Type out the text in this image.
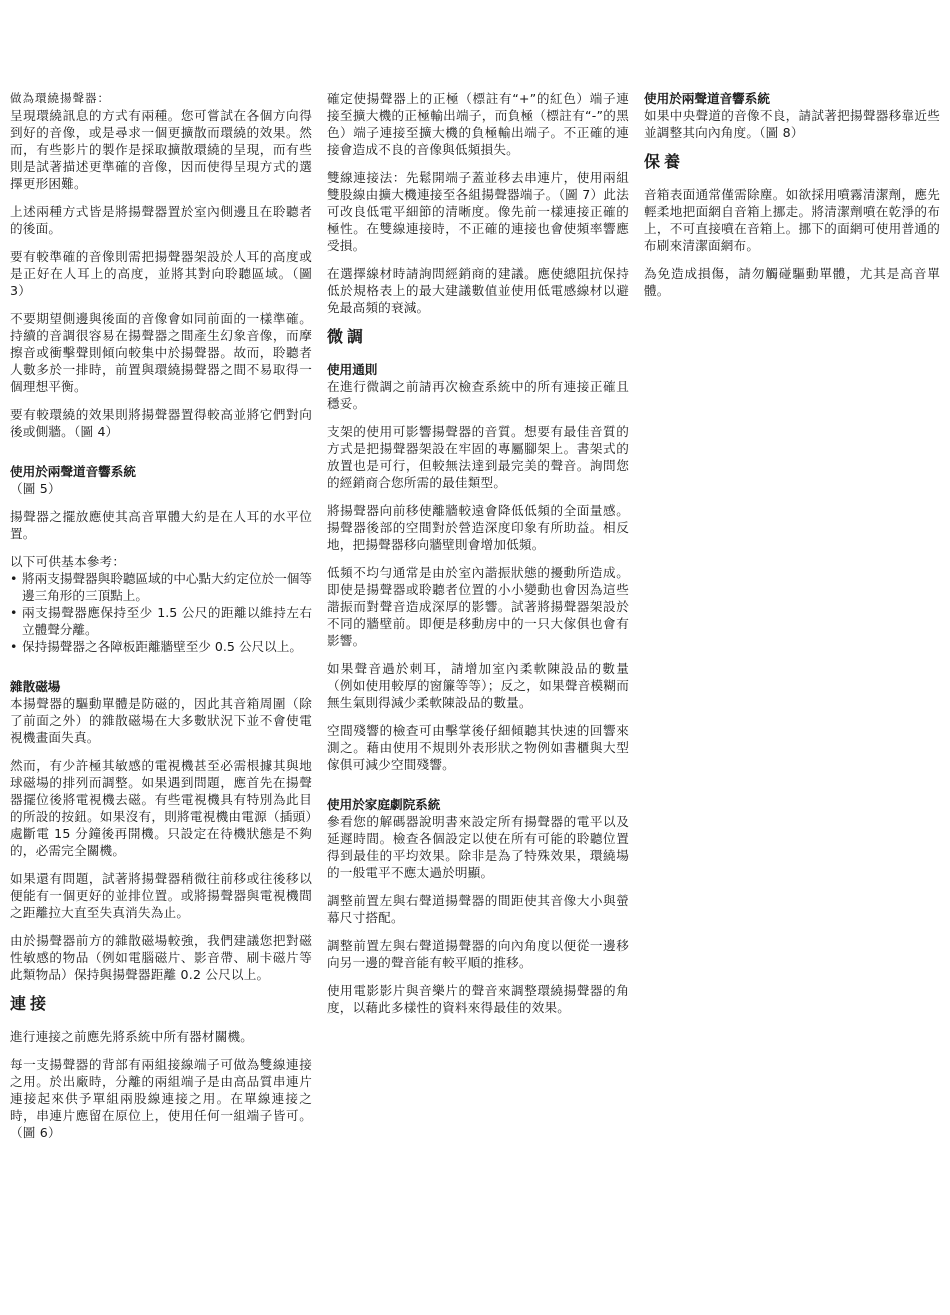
做為環繞揚聲器：

呈現環繞訊息的方式有兩種。您可嘗試在各個方向得到好的音像，或是尋求一個更擴散而環繞的效果。然而，有些影片的製作是採取擴散環繞的呈現，而有些則是試著描述更準確的音像，因而使得呈現方式的選擇更形困難。

上述兩種方式皆是將揚聲器置於室內側邊且在聆聽者的後面。

要有較準確的音像則需把揚聲器架設於人耳的高度或是正好在人耳上的高度，並將其對向聆聽區域。（圖 3）

不要期望側邊與後面的音像會如同前面的一樣準確。持續的音調很容易在揚聲器之間產生幻象音像，而摩擦音或衝擊聲則傾向較集中於揚聲器。故而，聆聽者人數多於一排時，前置與環繞揚聲器之間不易取得一個理想平衡。

要有較環繞的效果則將揚聲器置得較高並將它們對向後或側牆。（圖 4）

使用於兩聲道音響系統

（圖 5）

揚聲器之擺放應使其高音單體大約是在人耳的水平位置。

以下可供基本參考：

• 將兩支揚聲器與聆聽區域的中心點大約定位於一個等邊三角形的三頂點上。
• 兩支揚聲器應保持至少 1.5 公尺的距離以維持左右立體聲分離。
• 保持揚聲器之各障板距離牆壁至少 0.5 公尺以上。
雜散磁場

本揚聲器的驅動單體是防磁的，因此其音箱周圍（除了前面之外）的雜散磁場在大多數狀況下並不會使電視機畫面失真。

然而，有少許極其敏感的電視機甚至必需根據其與地球磁場的排列而調整。如果遇到問題，應首先在揚聲器擺位後將電視機去磁。有些電視機具有特別為此目的所設的按鈕。如果沒有，則將電視機由電源（插頭）處斷電 15 分鐘後再開機。只設定在待機狀態是不夠的，必需完全關機。

如果還有問題，試著將揚聲器稍微往前移或往後移以便能有一個更好的並排位置。或將揚聲器與電視機間之距離拉大直至失真消失為止。

由於揚聲器前方的雜散磁場較強，我們建議您把對磁性敏感的物品（例如電腦磁片、影音帶、刷卡磁片等此類物品）保持與揚聲器距離 0.2 公尺以上。

連接

進行連接之前應先將系統中所有器材關機。

每一支揚聲器的背部有兩組接線端子可做為雙線連接之用。於出廠時，分離的兩組端子是由高品質串連片連接起來供予單組兩股線連接之用。在單線連接之時，串連片應留在原位上，使用任何一組端子皆可。（圖 6）

確定使揚聲器上的正極（標註有“+”的紅色）端子連接至擴大機的正極輸出端子，而負極（標註有“-”的黑色）端子連接至擴大機的負極輸出端子。不正確的連接會造成不良的音像與低頻損失。

雙線連接法：先鬆開端子蓋並移去串連片，使用兩組雙股線由擴大機連接至各組揚聲器端子。（圖 7）此法可改良低電平細節的清晰度。像先前一樣連接正確的極性。在雙線連接時，不正確的連接也會使頻率響應受損。

在選擇線材時請詢問經銷商的建議。應使總阻抗保持低於規格表上的最大建議數值並使用低電感線材以避免最高頻的衰減。

微調
使用通則

在進行微調之前請再次檢查系統中的所有連接正確且穩妥。

支架的使用可影響揚聲器的音質。想要有最佳音質的方式是把揚聲器架設在牢固的專屬腳架上。書架式的放置也是可行，但較無法達到最完美的聲音。詢問您的經銷商合您所需的最佳類型。

將揚聲器向前移使離牆較遠會降低低頻的全面量感。揚聲器後部的空間對於營造深度印象有所助益。相反地，把揚聲器移向牆壁則會增加低頻。

低頻不均勻通常是由於室內諧振狀態的擾動所造成。即使是揚聲器或聆聽者位置的小小變動也會因為這些諧振而對聲音造成深厚的影響。試著將揚聲器架設於不同的牆壁前。即便是移動房中的一只大傢俱也會有影響。

如果聲音過於刺耳，請增加室內柔軟陳設品的數量（例如使用較厚的窗簾等等）；反之，如果聲音模糊而無生氣則得減少柔軟陳設品的數量。

空間殘響的檢查可由擊掌後仔細傾聽其快速的回響來測之。藉由使用不規則外表形狀之物例如書櫃與大型傢俱可減少空間殘響。

使用於家庭劇院系統

參看您的解碼器說明書來設定所有揚聲器的電平以及延遲時間。檢查各個設定以使在所有可能的聆聽位置得到最佳的平均效果。除非是為了特殊效果，環繞場的一般電平不應太過於明顯。

調整前置左與右聲道揚聲器的間距使其音像大小與螢幕尺寸搭配。

調整前置左與右聲道揚聲器的向內角度以便從一邊移向另一邊的聲音能有較平順的推移。

使用電影影片與音樂片的聲音來調整環繞揚聲器的角度，以藉此多樣性的資料來得最佳的效果。

使用於兩聲道音響系統

如果中央聲道的音像不良，請試著把揚聲器移靠近些並調整其向內角度。（圖 8）

保養

音箱表面通常僅需除塵。如欲採用噴霧清潔劑，應先輕柔地把面網自音箱上挪走。將清潔劑噴在乾淨的布上，不可直接噴在音箱上。挪下的面網可使用普通的布刷來清潔面網布。

為免造成損傷，請勿觸碰驅動單體，尤其是高音單體。
